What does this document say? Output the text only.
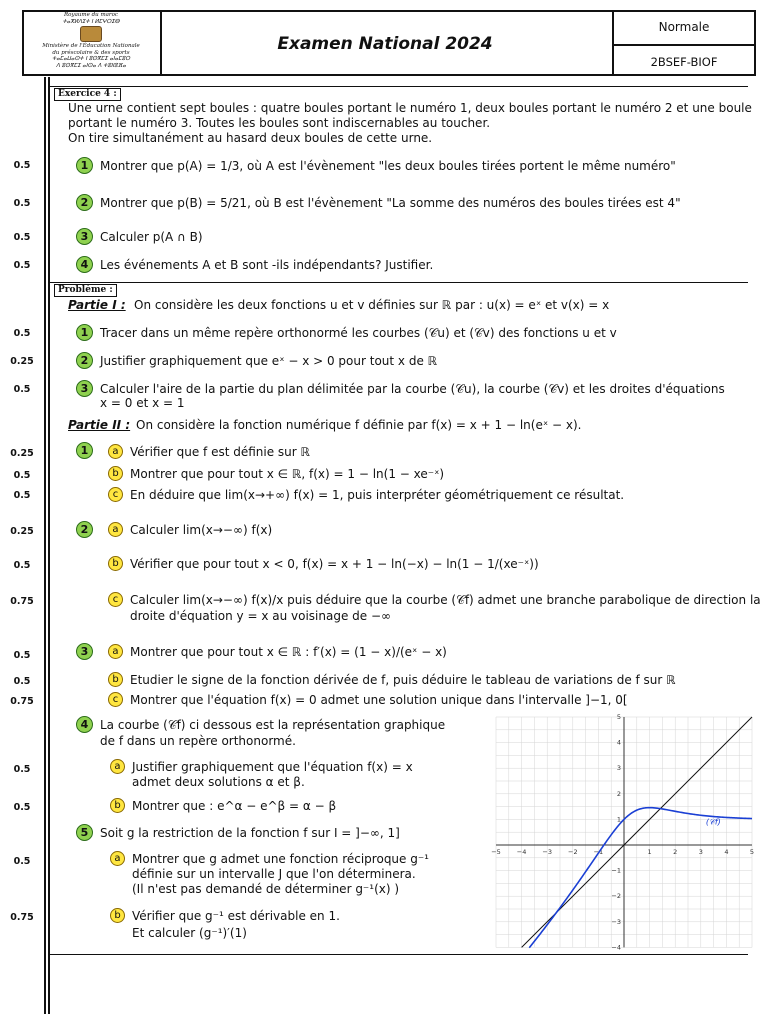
Royaume du maroc
ⵜⴰⴳⵍⴷⵉⵜ ⵏ ⵍⵎⵖⵔⵉⴱ
Ministère de l'Éducation Nationale
du préscolaire & des sports
ⵜⴰⵎⴰⵡⴰⵙⵜ ⵏ ⵓⵙⴳⵎⵉ ⴰⵏⴰⵎⵓⵔ
ⴷ ⵓⵙⴳⵎⵉ ⴰⵏⵙⴰ ⴷ ⵜⵓⵏⵏⵓⴼⴰ
Examen National 2024
Normale
2BSEF-BIOF
Exercice 4 :
Une urne contient sept boules : quatre boules portant le numéro 1, deux boules portant le numéro 2 et une boule
portant le numéro 3. Toutes les boules sont indiscernables au toucher.
On tire simultanément au hasard deux boules de cette urne.
0.5	1 Montrer que p(A) = 1/3, où A est l'évènement "les deux boules tirées portent le même numéro"
0.5	2 Montrer que p(B) = 5/21, où B est l'évènement "La somme des numéros des boules tirées est 4"
0.5	3 Calculer p(A ∩ B)
0.5	4 Les événements A et B sont -ils indépendants? Justifier.
Problème :
Partie I : On considère les deux fonctions u et v définies sur ℝ par : u(x) = eˣ et v(x) = x
0.5	1 Tracer dans un même repère orthonormé les courbes (𝒞u) et (𝒞v) des fonctions u et v
0.25	2 Justifier graphiquement que eˣ − x > 0 pour tout x de ℝ
0.5	3 Calculer l'aire de la partie du plan délimitée par la courbe (𝒞u), la courbe (𝒞v) et les droites d'équations
x = 0 et x = 1
Partie II : On considère la fonction numérique f définie par f(x) = x + 1 − ln(eˣ − x).
0.25	1	a Vérifier que f est définie sur ℝ
0.5	b Montrer que pour tout x ∈ ℝ, f(x) = 1 − ln(1 − xe⁻ˣ)
0.5	c En déduire que lim(x→+∞) f(x) = 1, puis interpréter géométriquement ce résultat.
0.25	2	a Calculer lim(x→−∞) f(x)
0.5	b Vérifier que pour tout x < 0, f(x) = x + 1 − ln(−x) − ln(1 − 1/(xe⁻ˣ))
0.75	c Calculer lim(x→−∞) f(x)/x puis déduire que la courbe (𝒞f) admet une branche parabolique de direction la
droite d'équation y = x au voisinage de −∞
0.5	3	a Montrer que pour tout x ∈ ℝ : f′(x) = (1 − x)/(eˣ − x)
0.5	b Etudier le signe de la fonction dérivée de f, puis déduire le tableau de variations de f sur ℝ
0.75	c Montrer que l'équation f(x) = 0 admet une solution unique dans l'intervalle ]−1, 0[
4 La courbe (𝒞f) ci dessous est la représentation graphique
de f dans un repère orthonormé.
0.5	a Justifier graphiquement que l'équation f(x) = x
admet deux solutions α et β.
0.5	b Montrer que : e^α − e^β = α − β
5 Soit g la restriction de la fonction f sur I = ]−∞, 1]
0.5	a Montrer que g admet une fonction réciproque g⁻¹
définie sur un intervalle J que l'on déterminera.
(Il n'est pas demandé de déterminer g⁻¹(x) )
0.75	b Vérifier que g⁻¹ est dérivable en 1.
Et calculer (g⁻¹)′(1)
−5 −4 −3 −2 −1	1	2	3	4	5
5
4
3
2
1
−1
−2
−3
−4
(𝒞f)
